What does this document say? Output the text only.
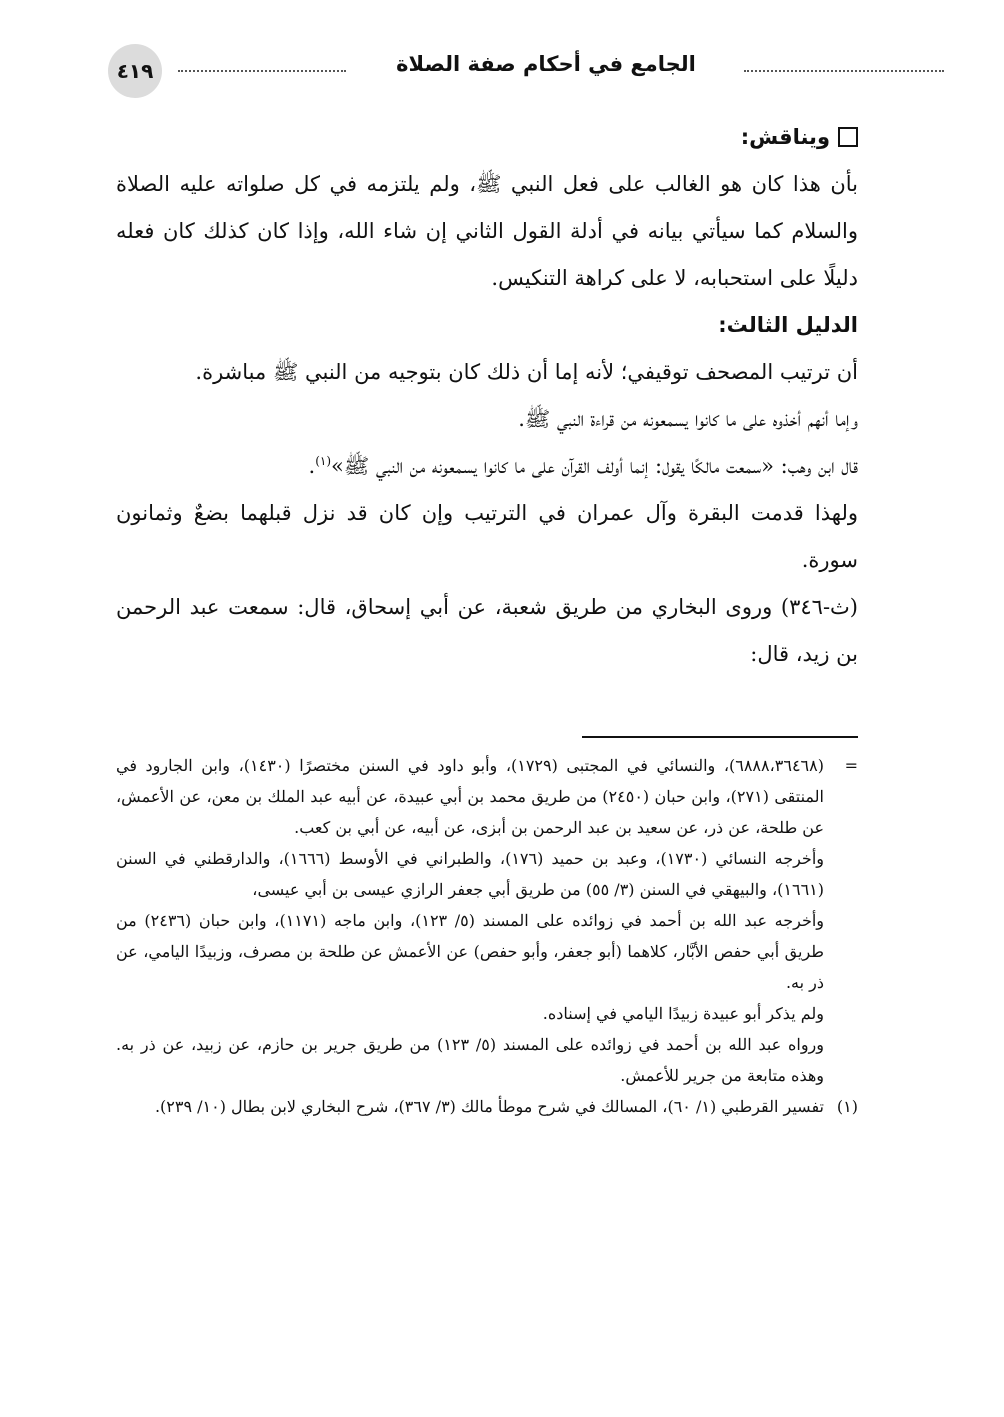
٤١٩	الجامع في أحكام صفة الصلاة

ويناقش:

بأن هذا كان هو الغالب على فعل النبي ﷺ، ولم يلتزمه في كل صلواته عليه الصلاة والسلام كما سيأتي بيانه في أدلة القول الثاني إن شاء الله، وإذا كان كذلك كان فعله دليلًا على استحبابه، لا على كراهة التنكيس.

الدليل الثالث:

أن ترتيب المصحف توقيفي؛ لأنه إما أن ذلك كان بتوجيه من النبي ﷺ مباشرة.

وإما أنهم أخذوه على ما كانوا يسمعونه من قراءة النبي ﷺ.

قال ابن وهب: «سمعت مالكًا يقول: إنما أولف القرآن على ما كانوا يسمعونه من النبي ﷺ»$^{(١)}$.

ولهذا قدمت البقرة وآل عمران في الترتيب وإن كان قد نزل قبلهما بضعٌ وثمانون سورة.

(ث-٣٤٦) وروى البخاري من طريق شعبة، عن أبي إسحاق، قال: سمعت عبد الرحمن بن زيد، قال:

=
(٦٨٨٨،٣٦٤٦٨)، والنسائي في المجتبى (١٧٢٩)، وأبو داود في السنن مختصرًا (١٤٣٠)، وابن الجارود في المنتقى (٢٧١)، وابن حبان (٢٤٥٠) من طريق محمد بن أبي عبيدة، عن أبيه عبد الملك بن معن، عن الأعمش، عن طلحة، عن ذر، عن سعيد بن عبد الرحمن بن أبزى، عن أبيه، عن أبي بن كعب.

وأخرجه النسائي (١٧٣٠)، وعبد بن حميد (١٧٦)، والطبراني في الأوسط (١٦٦٦)، والدارقطني في السنن (١٦٦١)، والبيهقي في السنن (٣/ ٥٥) من طريق أبي جعفر الرازي عيسى بن أبي عيسى،

وأخرجه عبد الله بن أحمد في زوائده على المسند (٥/ ١٢٣)، وابن ماجه (١١٧١)، وابن حبان (٢٤٣٦) من طريق أبي حفص الأبَّار، كلاهما (أبو جعفر، وأبو حفص) عن الأعمش عن طلحة بن مصرف، وزبيدًا اليامي، عن ذر به.

ولم يذكر أبو عبيدة زبيدًا اليامي في إسناده.

ورواه عبد الله بن أحمد في زوائده على المسند (٥/ ١٢٣) من طريق جرير بن حازم، عن زبيد، عن ذر به. وهذه متابعة من جرير للأعمش.

(١)
تفسير القرطبي (١/ ٦٠)، المسالك في شرح موطأ مالك (٣/ ٣٦٧)، شرح البخاري لابن بطال (١٠/ ٢٣٩).
